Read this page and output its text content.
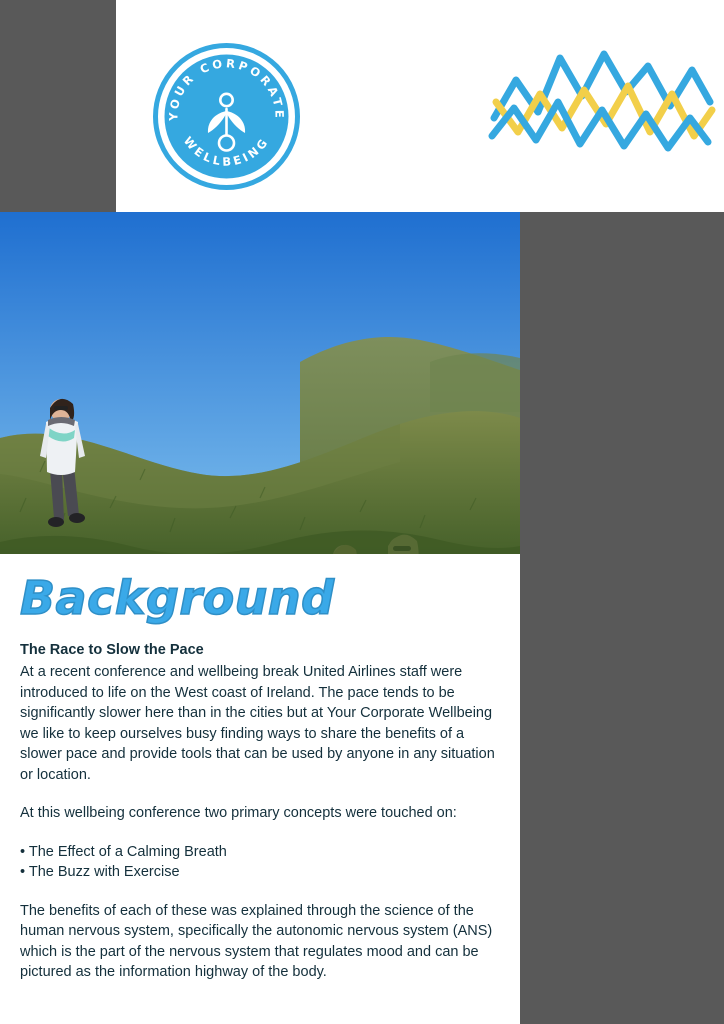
YOUR CORPORATE
WELLBEING
Background
The Race to Slow the Pace

At a recent conference and wellbeing break United Airlines staff were introduced to life on the West coast of Ireland. The pace tends to be significantly slower here than in the cities but at Your Corporate Wellbeing we like to keep ourselves busy finding ways to share the benefits of a slower pace and provide tools that can be used by anyone in any situation or location.

At this wellbeing conference two primary concepts were touched on:

• The Effect of a Calming Breath
• The Buzz with Exercise

The benefits of each of these was explained through the science of the human nervous system, specifically the autonomic nervous system (ANS) which is the part of the nervous system that regulates mood and can be pictured as the information highway of the body.
